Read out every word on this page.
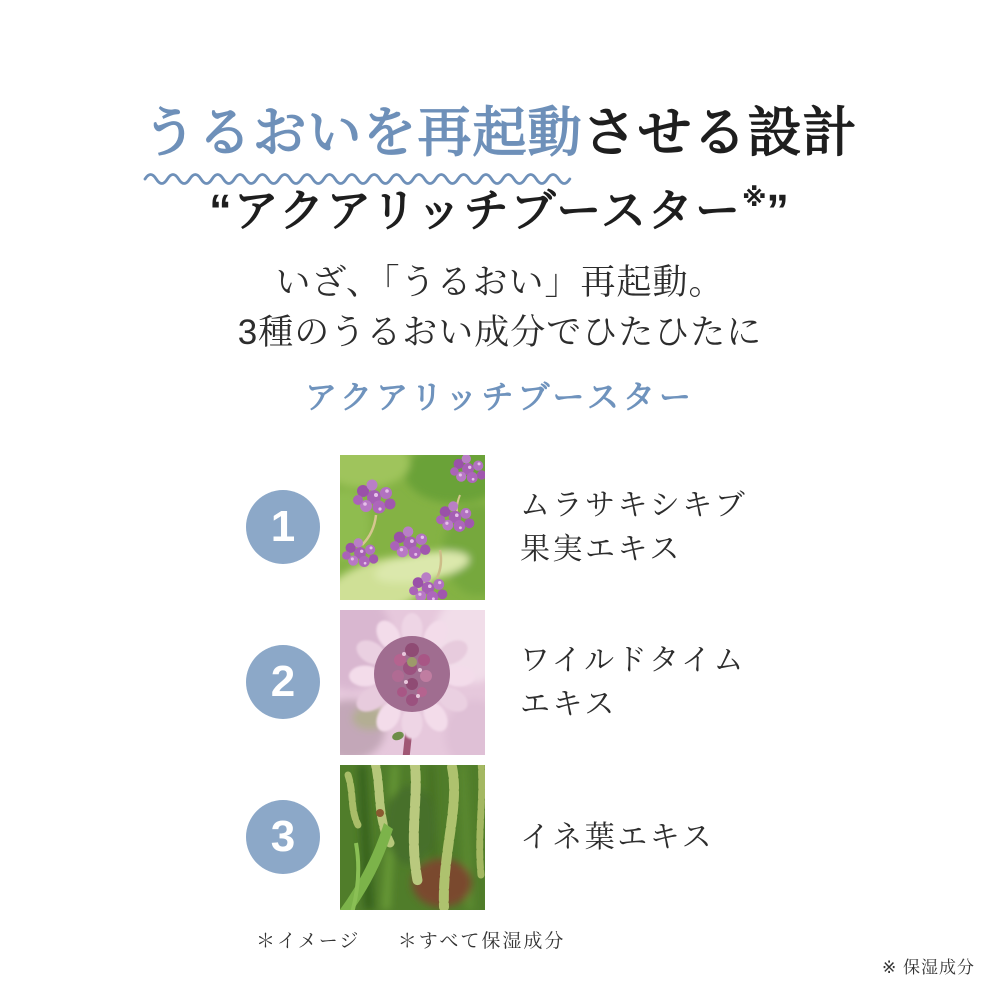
うるおいを再起動
させる設計
“アクアリッチブースター※”
いざ、「うるおい」再起動。
3種のうるおい成分でひたひたに
アクアリッチブースター
1	ムラサキシキブ
果実エキス
2	ワイルドタイム
エキス
3	イネ葉エキス
＊イメージ ＊すべて保湿成分
※ 保湿成分
